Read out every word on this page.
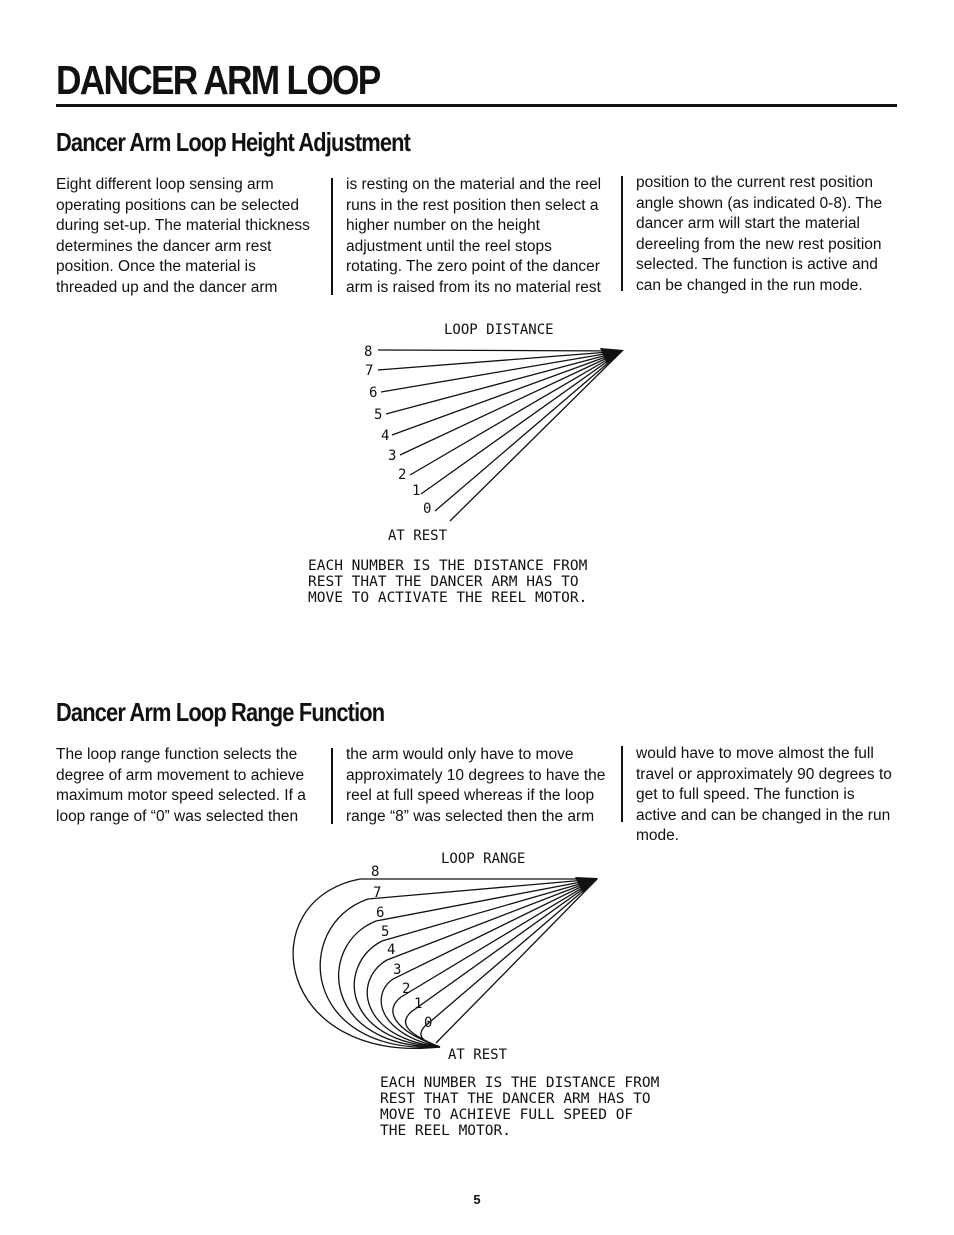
DANCER ARM LOOP
Dancer Arm Loop Height Adjustment

Eight different loop sensing arm operating positions can be selected during set-up. The material thickness determines the dancer arm rest position. Once the material is threaded up and the dancer arm

is resting on the material and the reel runs in the rest position then select a higher number on the height adjustment until the reel stops rotating. The zero point of the dancer arm is raised from its no material rest

position to the current rest position angle shown (as indicated 0-8). The dancer arm will start the material dereeling from the new rest position selected. The function is active and can be changed in the run mode.

LOOP DISTANCE
8
7
6
5
4
3
2
1
0
AT REST
EACH NUMBER IS THE DISTANCE FROM
REST THAT THE DANCER ARM HAS TO
MOVE TO ACTIVATE THE REEL MOTOR.
Dancer Arm Loop Range Function

The loop range function selects the degree of arm movement to achieve maximum motor speed selected. If a loop range of “0” was selected then

the arm would only have to move approximately 10 degrees to have the reel at full speed whereas if the loop range “8” was selected then the arm

would have to move almost the full travel or approximately 90 degrees to get to full speed. The function is active and can be changed in the run mode.

LOOP RANGE
8
7
6
5
4
3
2
1
0
AT REST
EACH NUMBER IS THE DISTANCE FROM
REST THAT THE DANCER ARM HAS TO
MOVE TO ACHIEVE FULL SPEED OF
THE REEL MOTOR.
5
